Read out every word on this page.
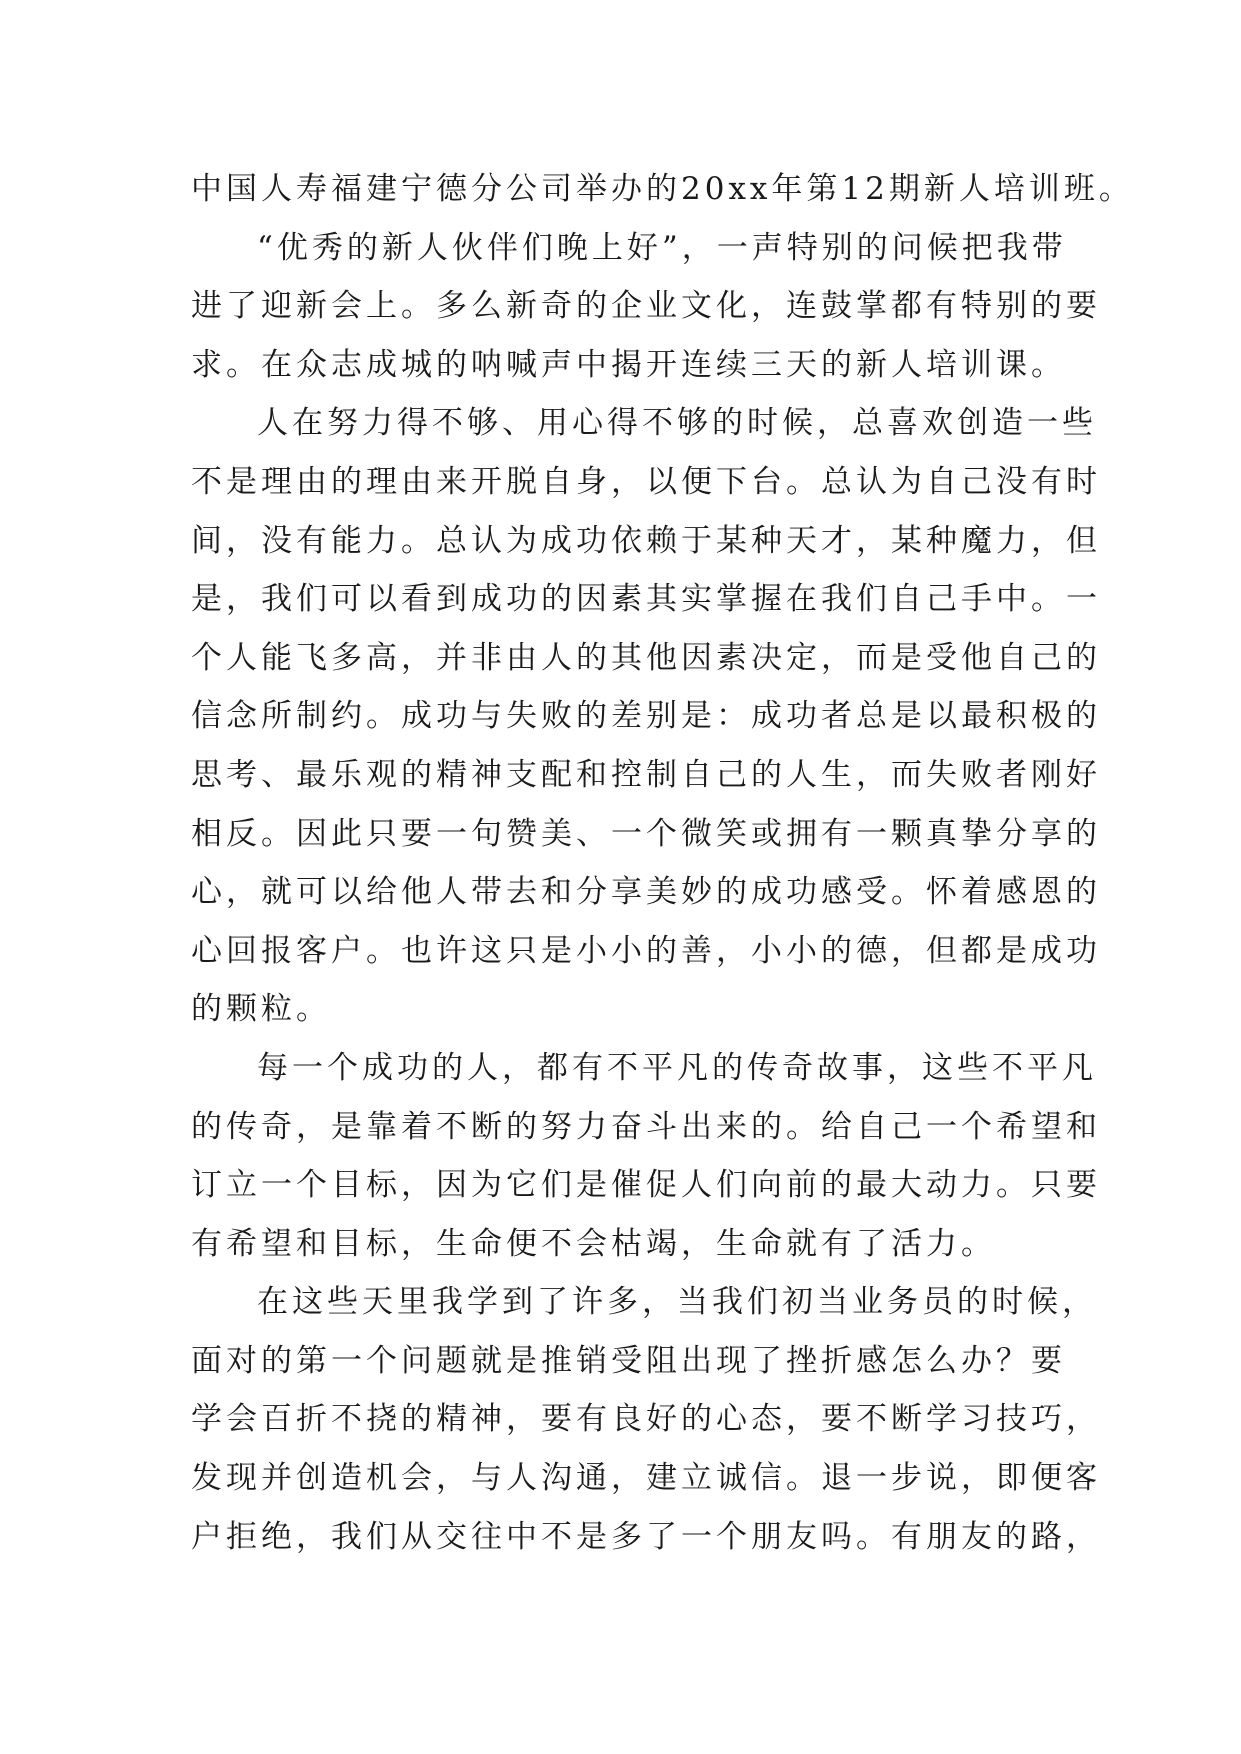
中国人寿福建宁德分公司举办的20xx年第12期新人培训班。
“优秀的新人伙伴们晚上好”，一声特别的问候把我带
进了迎新会上。多么新奇的企业文化，连鼓掌都有特别的要
求。在众志成城的呐喊声中揭开连续三天的新人培训课。
人在努力得不够、用心得不够的时候，总喜欢创造一些
不是理由的理由来开脱自身，以便下台。总认为自己没有时
间，没有能力。总认为成功依赖于某种天才，某种魔力，但
是，我们可以看到成功的因素其实掌握在我们自己手中。一
个人能飞多高，并非由人的其他因素决定，而是受他自己的
信念所制约。成功与失败的差别是：成功者总是以最积极的
思考、最乐观的精神支配和控制自己的人生，而失败者刚好
相反。因此只要一句赞美、一个微笑或拥有一颗真挚分享的
心，就可以给他人带去和分享美妙的成功感受。怀着感恩的
心回报客户。也许这只是小小的善，小小的德，但都是成功
的颗粒。
每一个成功的人，都有不平凡的传奇故事，这些不平凡
的传奇，是靠着不断的努力奋斗出来的。给自己一个希望和
订立一个目标，因为它们是催促人们向前的最大动力。只要
有希望和目标，生命便不会枯竭，生命就有了活力。
在这些天里我学到了许多，当我们初当业务员的时候，
面对的第一个问题就是推销受阻出现了挫折感怎么办？要
学会百折不挠的精神，要有良好的心态，要不断学习技巧，
发现并创造机会，与人沟通，建立诚信。退一步说，即便客
户拒绝，我们从交往中不是多了一个朋友吗。有朋友的路，
